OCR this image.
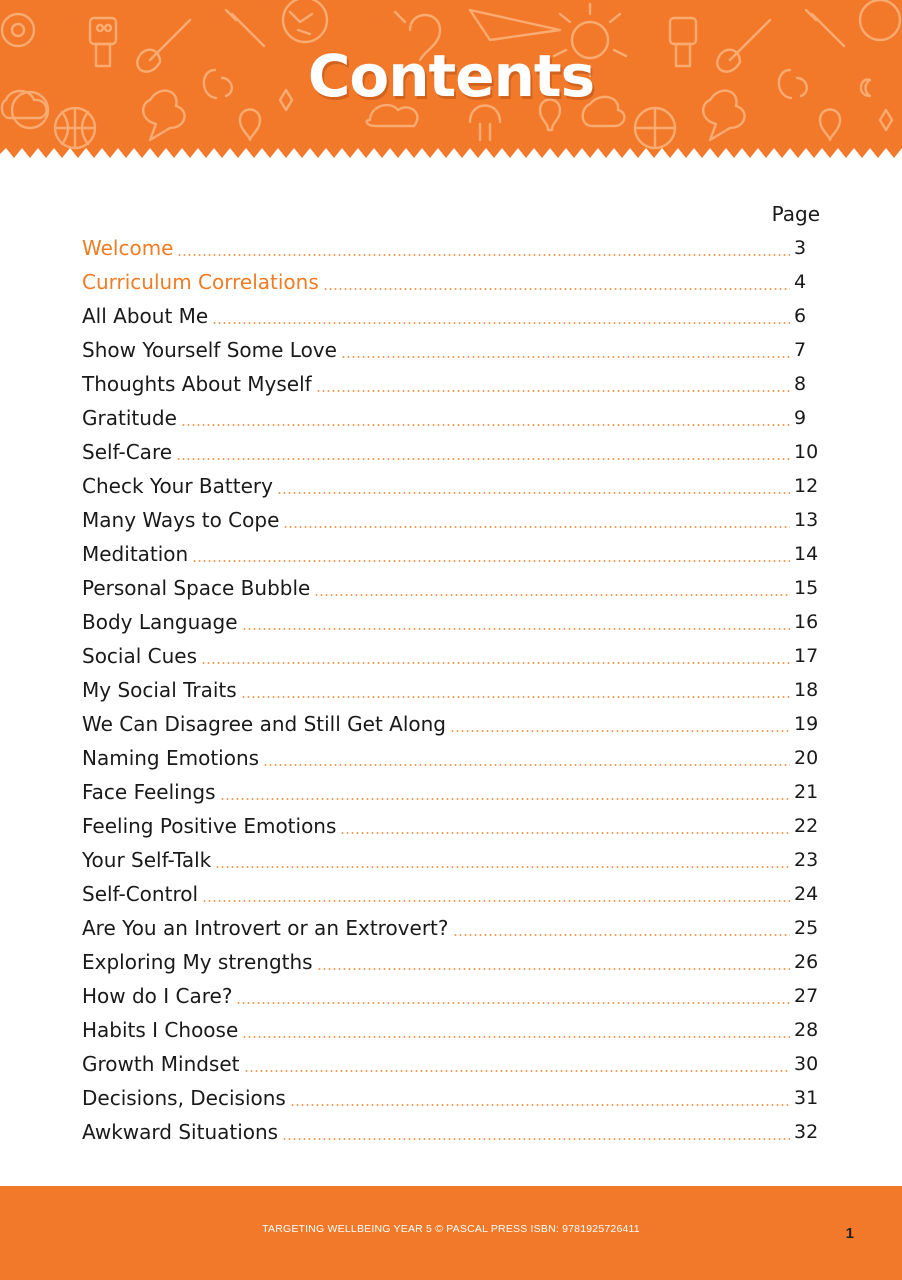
Contents
Page
Welcome	3
Curriculum Correlations	4
All About Me	6
Show Yourself Some Love	7
Thoughts About Myself	8
Gratitude	9
Self-Care	10
Check Your Battery	12
Many Ways to Cope	13
Meditation	14
Personal Space Bubble	15
Body Language	16
Social Cues	17
My Social Traits	18
We Can Disagree and Still Get Along	19
Naming Emotions	20
Face Feelings	21
Feeling Positive Emotions	22
Your Self-Talk	23
Self-Control	24
Are You an Introvert or an Extrovert?	25
Exploring My strengths	26
How do I Care?	27
Habits I Choose	28
Growth Mindset	30
Decisions, Decisions	31
Awkward Situations	32
TARGETING WELLBEING YEAR 5 © PASCAL PRESS ISBN: 9781925726411	1
